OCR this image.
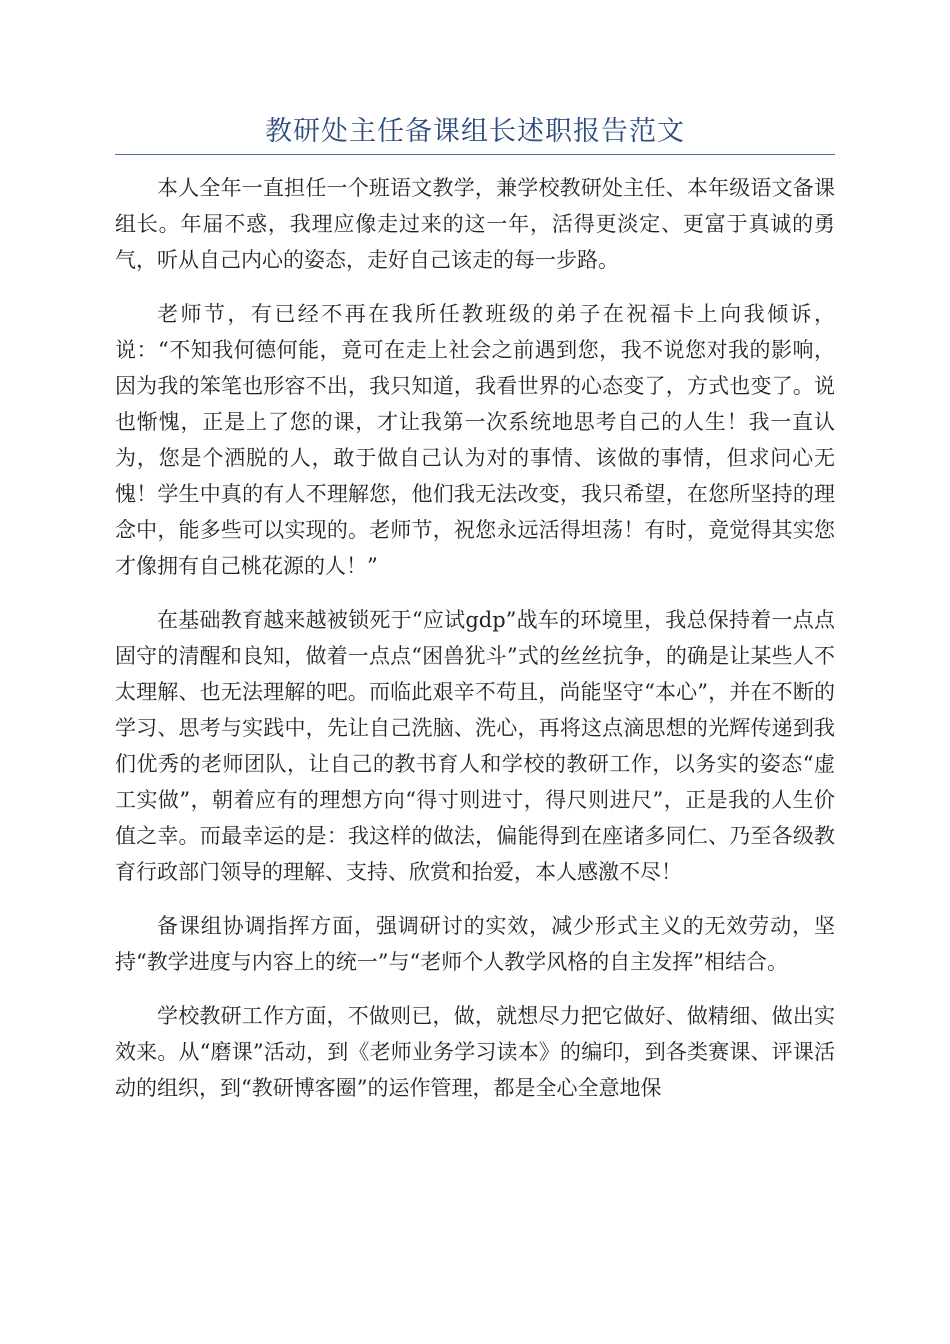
教研处主任备课组长述职报告范文

本人全年一直担任一个班语文教学，兼学校教研处主任、本年级语文备课组长。年届不惑，我理应像走过来的这一年，活得更淡定、更富于真诚的勇气，听从自己内心的姿态，走好自己该走的每一步路。

老师节，有已经不再在我所任教班级的弟子在祝福卡上向我倾诉，说：“不知我何德何能，竟可在走上社会之前遇到您，我不说您对我的影响，因为我的笨笔也形容不出，我只知道，我看世界的心态变了，方式也变了。说也惭愧，正是上了您的课，才让我第一次系统地思考自己的人生！我一直认为，您是个洒脱的人，敢于做自己认为对的事情、该做的事情，但求问心无愧！学生中真的有人不理解您，他们我无法改变，我只希望，在您所坚持的理念中，能多些可以实现的。老师节，祝您永远活得坦荡！有时，竟觉得其实您才像拥有自己桃花源的人！”

在基础教育越来越被锁死于“应试gdp”战车的环境里，我总保持着一点点固守的清醒和良知，做着一点点“困兽犹斗”式的丝丝抗争，的确是让某些人不太理解、也无法理解的吧。而临此艰辛不苟且，尚能坚守“本心”，并在不断的学习、思考与实践中，先让自己洗脑、洗心，再将这点滴思想的光辉传递到我们优秀的老师团队，让自己的教书育人和学校的教研工作，以务实的姿态“虚工实做”，朝着应有的理想方向“得寸则进寸，得尺则进尺”，正是我的人生价值之幸。而最幸运的是：我这样的做法，偏能得到在座诸多同仁、乃至各级教育行政部门领导的理解、支持、欣赏和抬爱，本人感激不尽！

备课组协调指挥方面，强调研讨的实效，减少形式主义的无效劳动，坚持“教学进度与内容上的统一”与“老师个人教学风格的自主发挥”相结合。

学校教研工作方面，不做则已，做，就想尽力把它做好、做精细、做出实效来。从“磨课”活动，到《老师业务学习读本》的编印，到各类赛课、评课活动的组织，到“教研博客圈”的运作管理，都是全心全意地保
